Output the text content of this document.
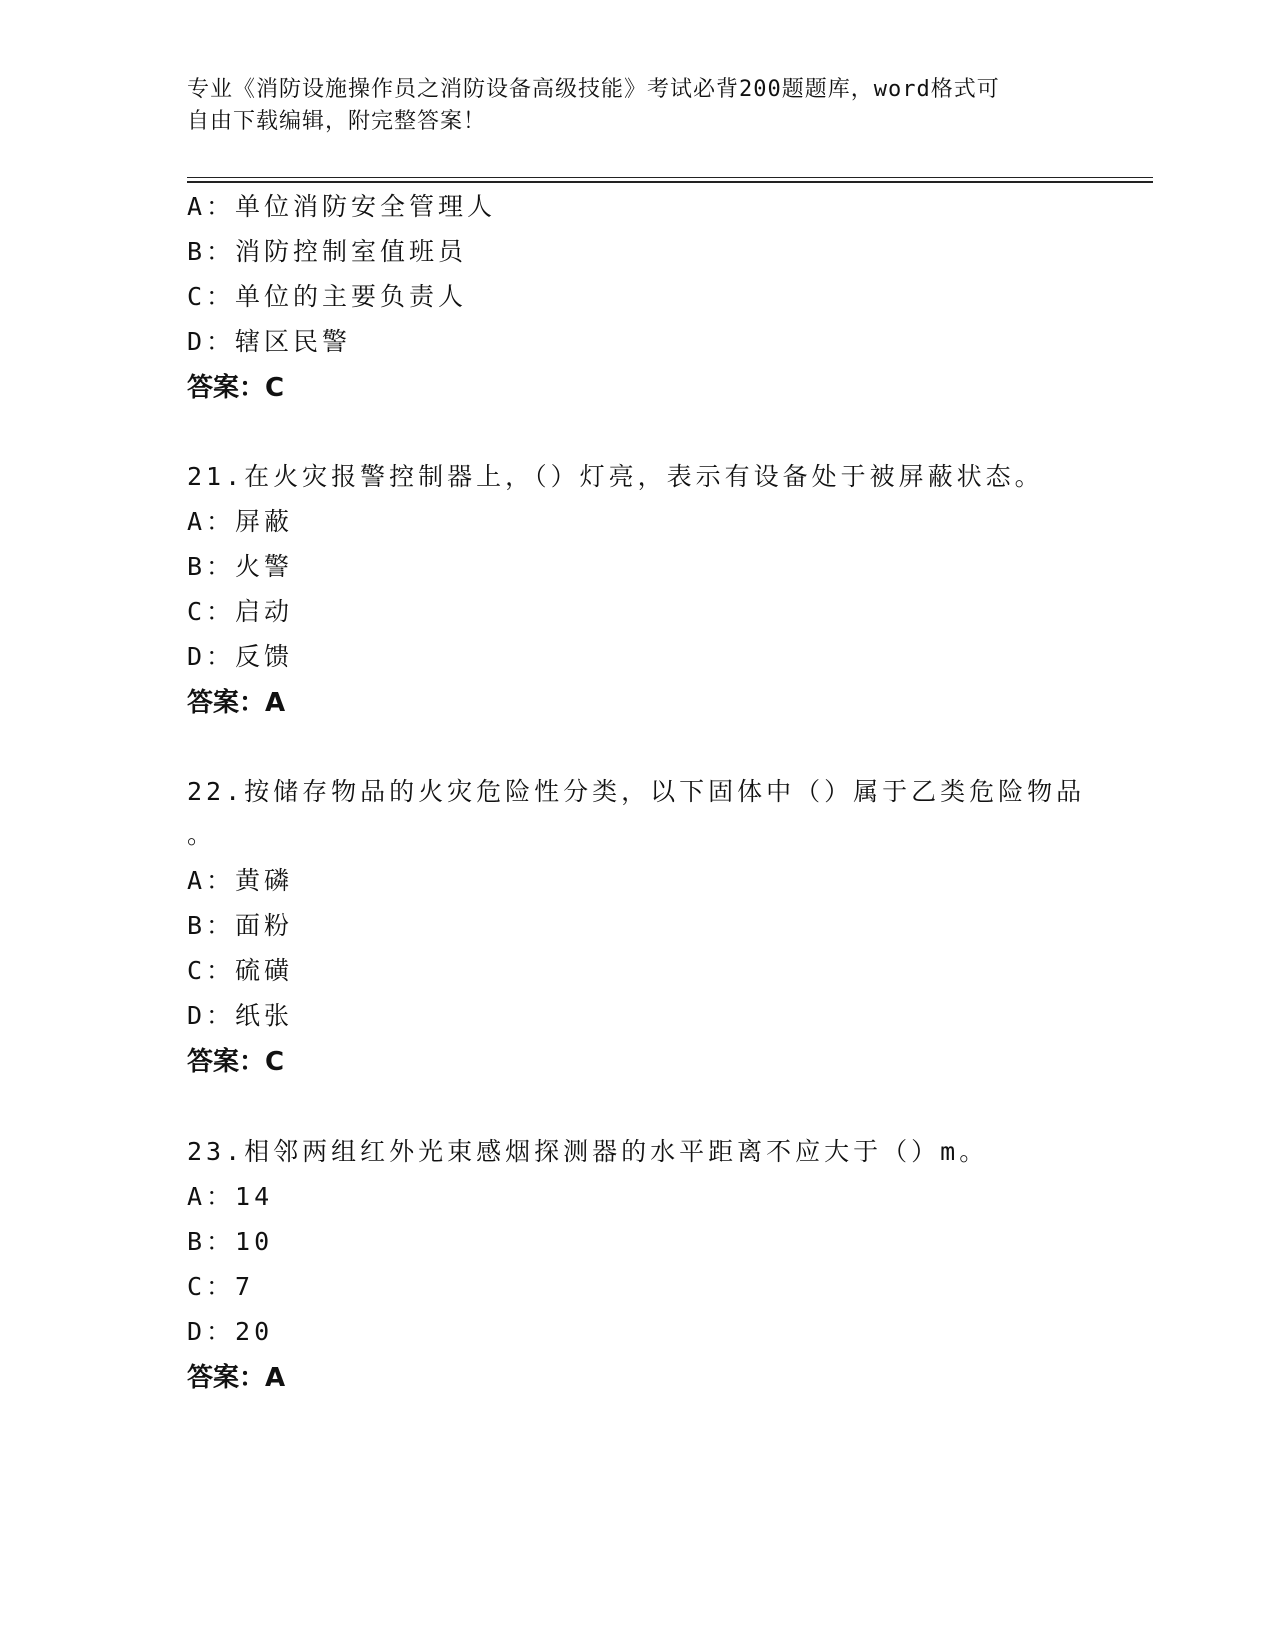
专业《消防设施操作员之消防设备高级技能》考试必背200题题库，word格式可
自由下载编辑，附完整答案！
A：单位消防安全管理人
B：消防控制室值班员
C：单位的主要负责人
D：辖区民警
答案：C
21.在火灾报警控制器上，（）灯亮，表示有设备处于被屏蔽状态。
A：屏蔽
B：火警
C：启动
D：反馈
答案：A
22.按储存物品的火灾危险性分类，以下固体中（）属于乙类危险物品
。
A：黄磷
B：面粉
C：硫磺
D：纸张
答案：C
23.相邻两组红外光束感烟探测器的水平距离不应大于（）m。
A：14
B：10
C：7
D：20
答案：A
